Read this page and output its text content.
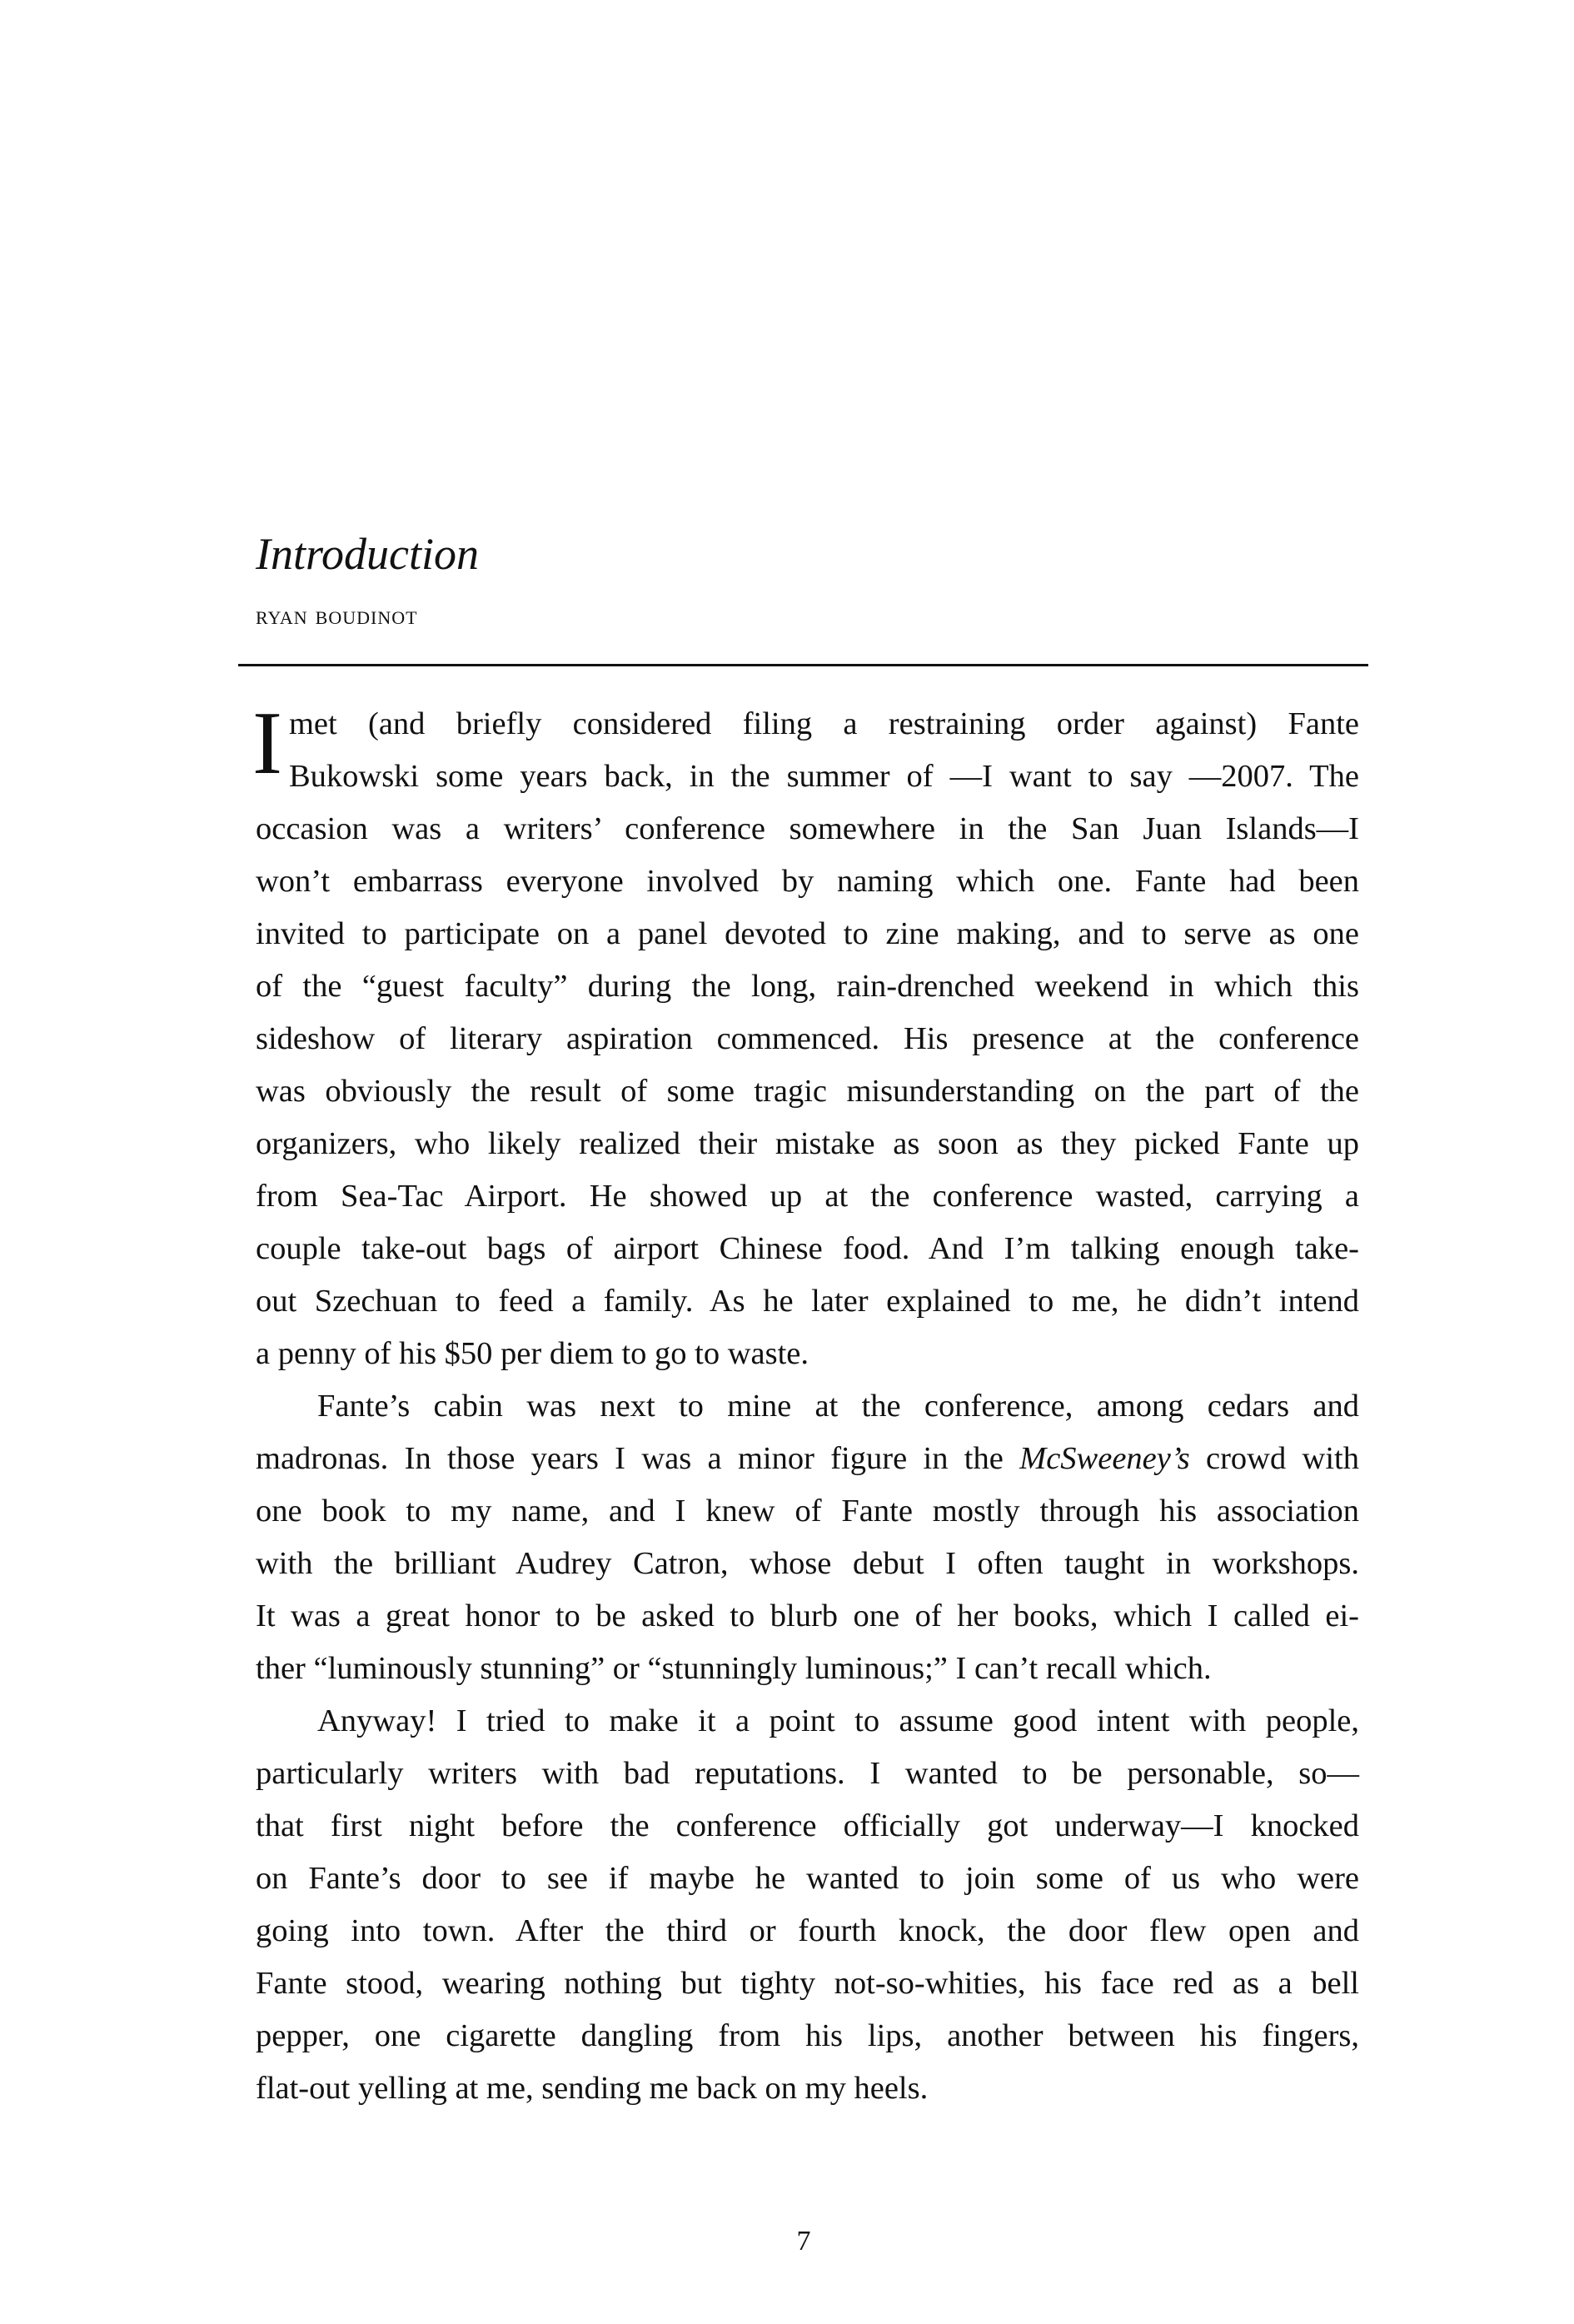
Introduction
ryan boudinot

I met (and briefly considered filing a restraining order against) Fante
Bukowski some years back, in the summer of —I want to say —2007. The
occasion was a writers’ conference somewhere in the San Juan Islands—I
won’t embarrass everyone involved by naming which one. Fante had been
invited to participate on a panel devoted to zine making, and to serve as one
of the “guest faculty” during the long, rain-drenched weekend in which this
sideshow of literary aspiration commenced. His presence at the conference
was obviously the result of some tragic misunderstanding on the part of the
organizers, who likely realized their mistake as soon as they picked Fante up
from Sea-Tac Airport. He showed up at the conference wasted, carrying a
couple take-out bags of airport Chinese food. And I’m talking enough take-
out Szechuan to feed a family. As he later explained to me, he didn’t intend
a penny of his $50 per diem to go to waste.

Fante’s cabin was next to mine at the conference, among cedars and
madronas. In those years I was a minor figure in the McSweeney’s crowd with
one book to my name, and I knew of Fante mostly through his association
with the brilliant Audrey Catron, whose debut I often taught in workshops.
It was a great honor to be asked to blurb one of her books, which I called ei-
ther “luminously stunning” or “stunningly luminous;” I can’t recall which.

Anyway! I tried to make it a point to assume good intent with people,
particularly writers with bad reputations. I wanted to be personable, so—
that first night before the conference officially got underway—I knocked
on Fante’s door to see if maybe he wanted to join some of us who were
going into town. After the third or fourth knock, the door flew open and
Fante stood, wearing nothing but tighty not-so-whities, his face red as a bell
pepper, one cigarette dangling from his lips, another between his fingers,
flat-out yelling at me, sending me back on my heels.

7
